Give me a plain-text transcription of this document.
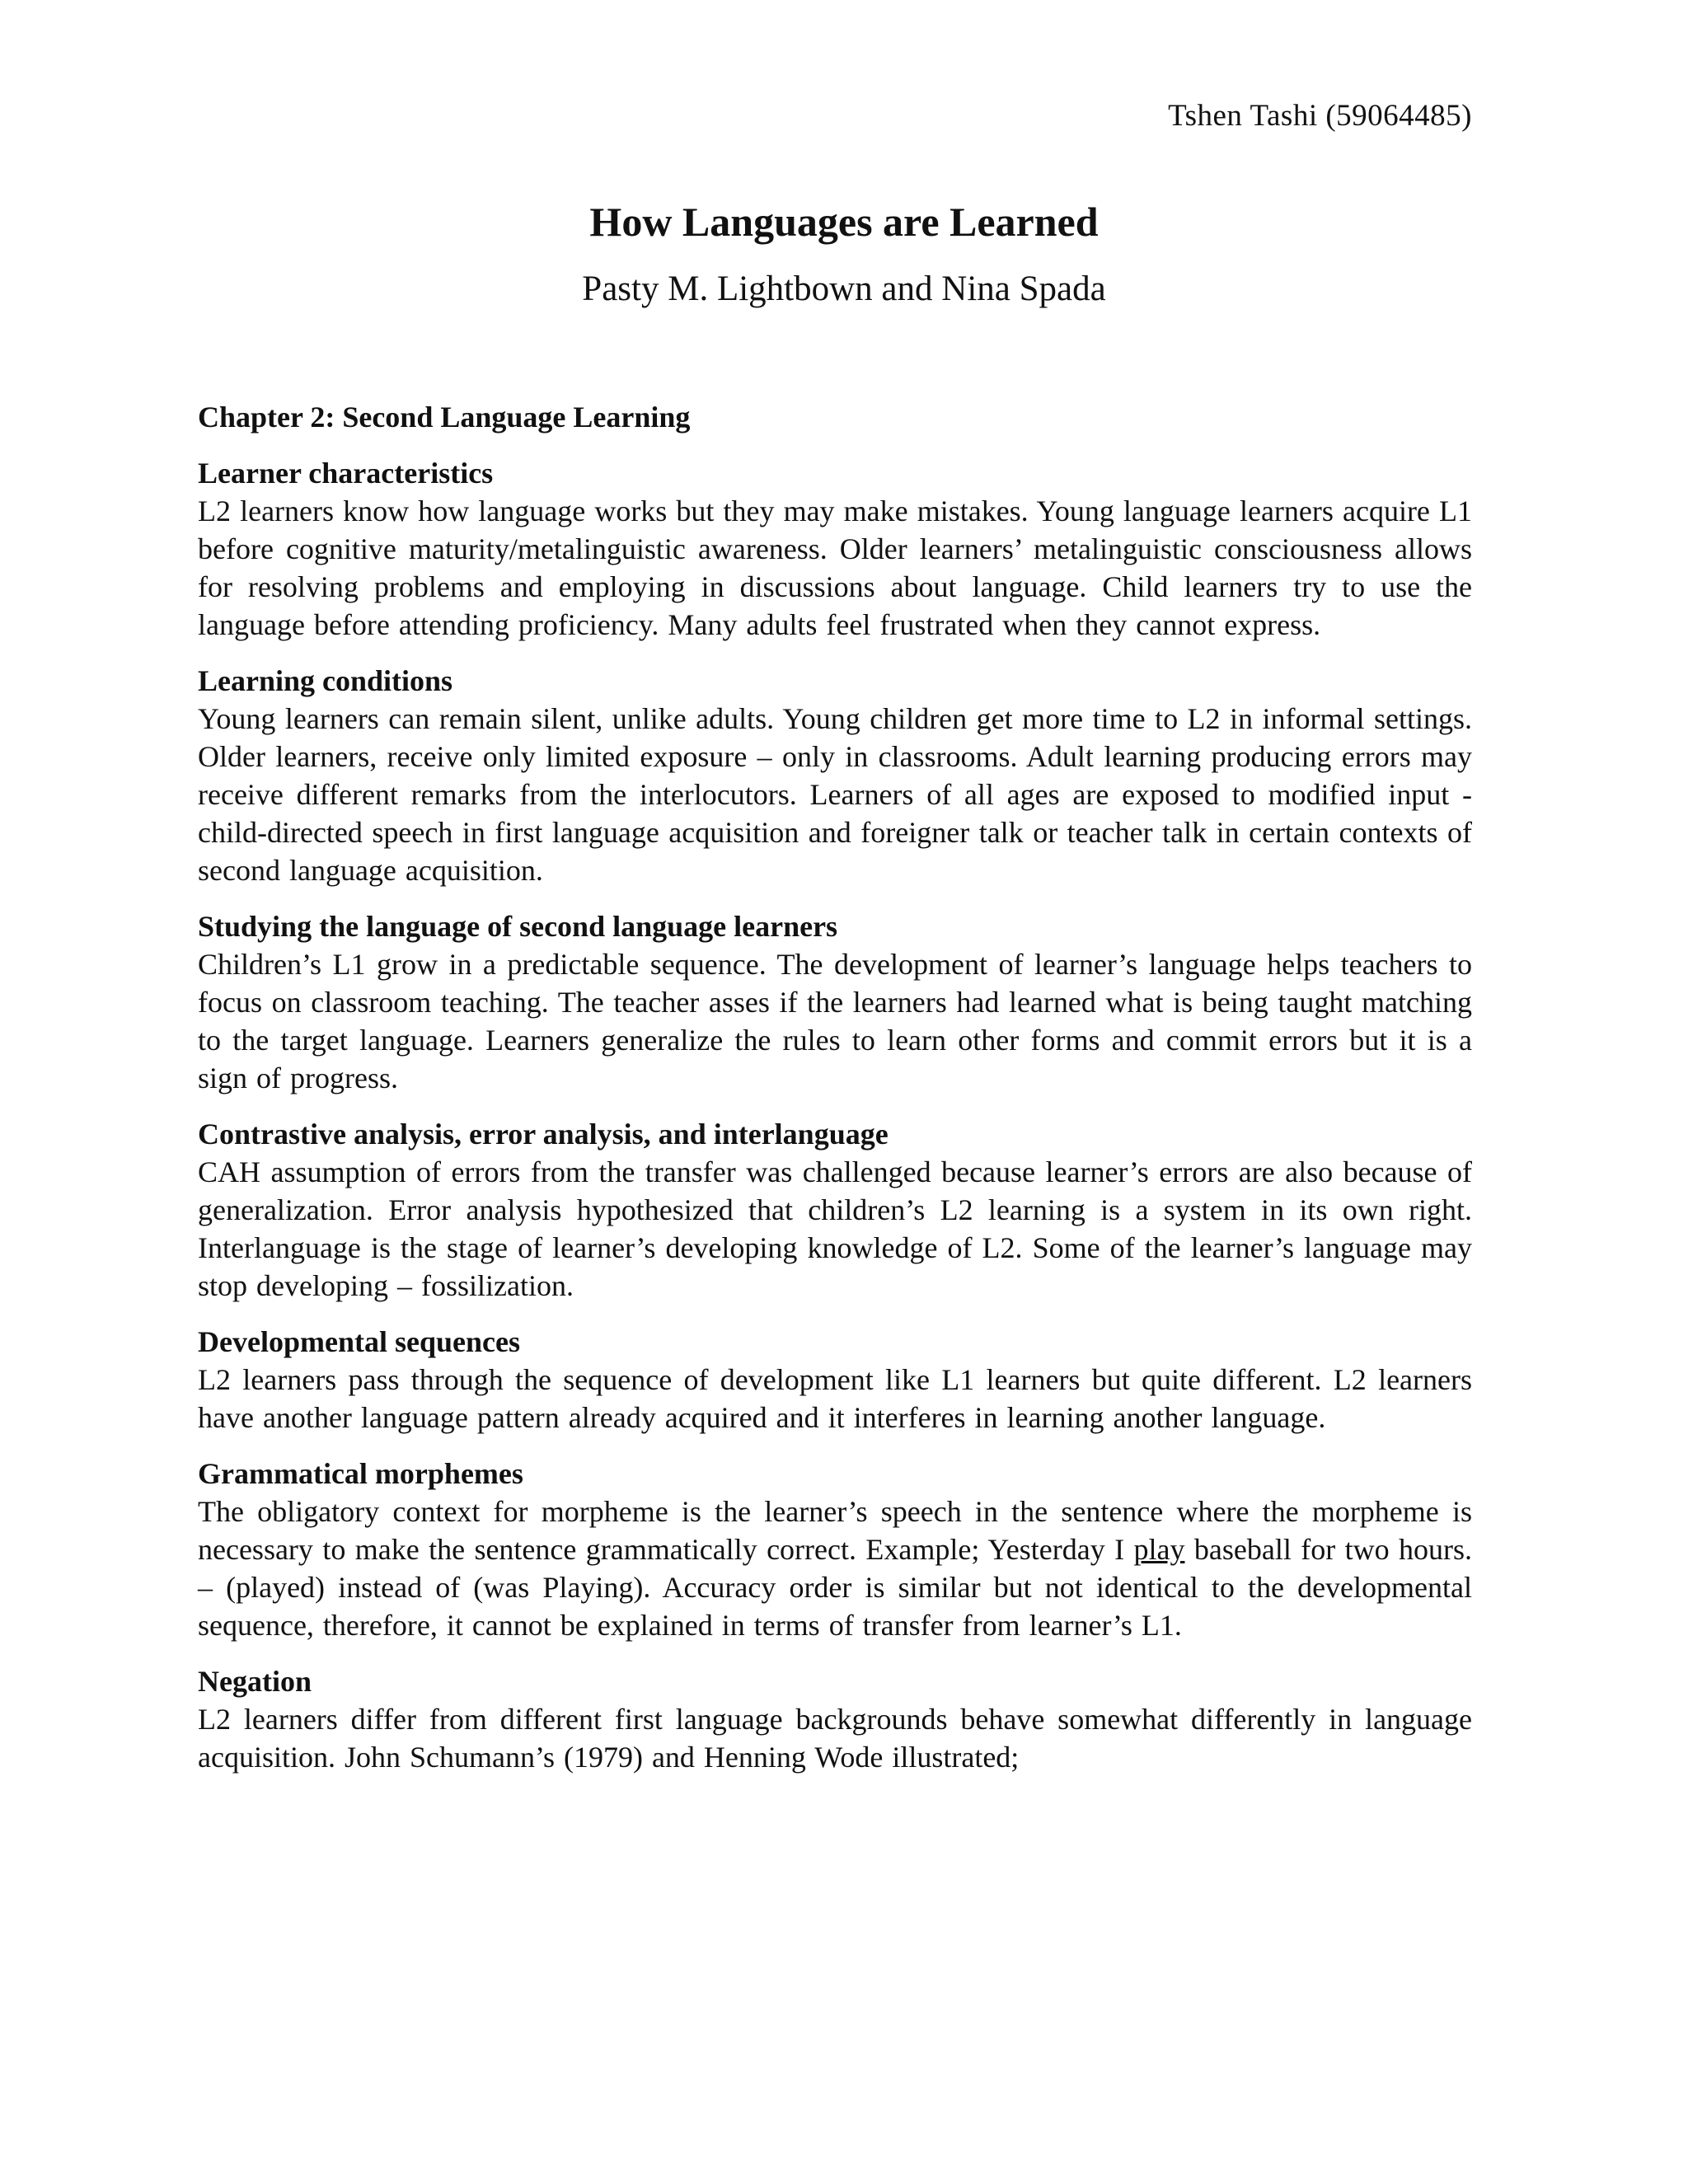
Tshen Tashi (59064485)
How Languages are Learned
Pasty M. Lightbown and Nina Spada
Chapter 2: Second Language Learning
Learner characteristics

L2 learners know how language works but they may make mistakes. Young language learners acquire L1 before cognitive maturity/metalinguistic awareness. Older learners’ metalinguistic consciousness allows for resolving problems and employing in discussions about language. Child learners try to use the language before attending proficiency. Many adults feel frustrated when they cannot express.

Learning conditions

Young learners can remain silent, unlike adults. Young children get more time to L2 in informal settings. Older learners, receive only limited exposure – only in classrooms. Adult learning producing errors may receive different remarks from the interlocutors. Learners of all ages are exposed to modified input -child-directed speech in first language acquisition and foreigner talk or teacher talk in certain contexts of second language acquisition.

Studying the language of second language learners

Children’s L1 grow in a predictable sequence. The development of learner’s language helps teachers to focus on classroom teaching. The teacher asses if the learners had learned what is being taught matching to the target language. Learners generalize the rules to learn other forms and commit errors but it is a sign of progress.

Contrastive analysis, error analysis, and interlanguage

CAH assumption of errors from the transfer was challenged because learner’s errors are also because of generalization. Error analysis hypothesized that children’s L2 learning is a system in its own right. Interlanguage is the stage of learner’s developing knowledge of L2. Some of the learner’s language may stop developing – fossilization.

Developmental sequences

L2 learners pass through the sequence of development like L1 learners but quite different. L2 learners have another language pattern already acquired and it interferes in learning another language.

Grammatical morphemes

The obligatory context for morpheme is the learner’s speech in the sentence where the morpheme is necessary to make the sentence grammatically correct. Example; Yesterday I play baseball for two hours. – (played) instead of (was Playing). Accuracy order is similar but not identical to the developmental sequence, therefore, it cannot be explained in terms of transfer from learner’s L1.

Negation

L2 learners differ from different first language backgrounds behave somewhat differently in language acquisition. John Schumann’s (1979) and Henning Wode illustrated;
